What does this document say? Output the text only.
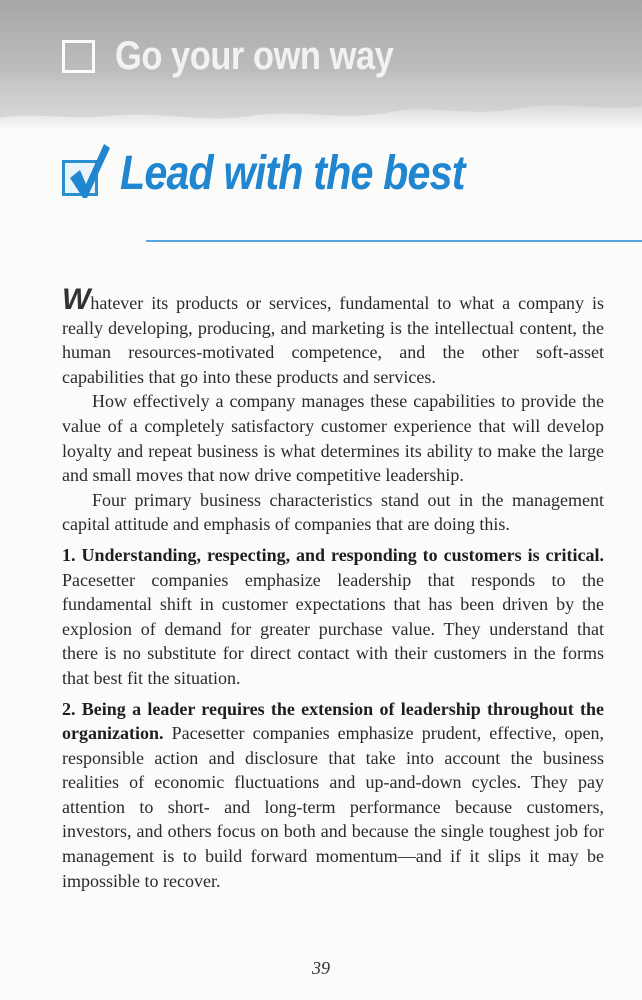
Go your own way
Lead with the best

Whatever its products or services, fundamental to what a company is really developing, producing, and marketing is the intellectual content, the human resources-motivated competence, and the other soft-asset capabilities that go into these products and services.

How effectively a company manages these capabilities to provide the value of a completely satisfactory customer experience that will develop loyalty and repeat business is what determines its ability to make the large and small moves that now drive competitive leadership.

Four primary business characteristics stand out in the management capital attitude and emphasis of companies that are doing this.

1. Understanding, respecting, and responding to customers is critical. Pacesetter companies emphasize leadership that responds to the fundamental shift in customer expectations that has been driven by the explosion of demand for greater purchase value. They understand that there is no substitute for direct contact with their customers in the forms that best fit the situation.

2. Being a leader requires the extension of leadership throughout the organization. Pacesetter companies emphasize prudent, effective, open, responsible action and disclosure that take into account the business realities of economic fluctuations and up-and-down cycles. They pay attention to short- and long-term performance because customers, investors, and others focus on both and because the single toughest job for management is to build forward momentum—and if it slips it may be impossible to recover.

39
